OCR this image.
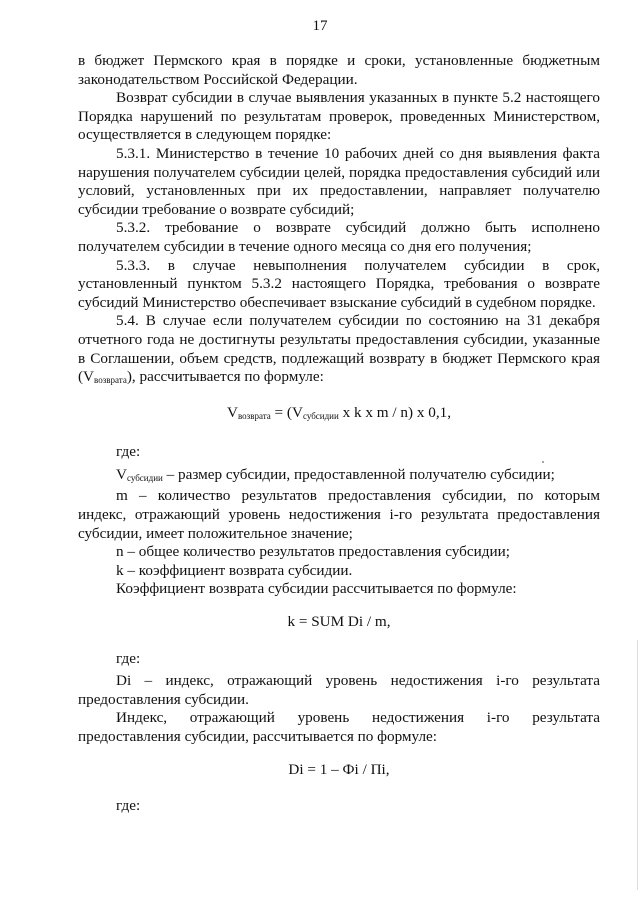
17

в бюджет Пермского края в порядке и сроки, установленные бюджетным законодательством Российской Федерации.

Возврат субсидии в случае выявления указанных в пункте 5.2 настоящего Порядка нарушений по результатам проверок, проведенных Министерством, осуществляется в следующем порядке:

5.3.1. Министерство в течение 10 рабочих дней со дня выявления факта нарушения получателем субсидии целей, порядка предоставления субсидий или условий, установленных при их предоставлении, направляет получателю субсидии требование о возврате субсидий;

5.3.2. требование о возврате субсидий должно быть исполнено получателем субсидии в течение одного месяца со дня его получения;

5.3.3. в случае невыполнения получателем субсидии в срок, установленный пунктом 5.3.2 настоящего Порядка, требования о возврате субсидий Министерство обеспечивает взыскание субсидий в судебном порядке.

5.4. В случае если получателем субсидии по состоянию на 31 декабря отчетного года не достигнуты результаты предоставления субсидии, указанные в Соглашении, объем средств, подлежащий возврату в бюджет Пермского края (Vвозврата), рассчитывается по формуле:

$V_{возврата} = (V_{субсидии}$ x k x m / n) x 0,1,

где:

Vсубсидии – размер субсидии, предоставленной получателю субсидии;

m – количество результатов предоставления субсидии, по которым индекс, отражающий уровень недостижения i-го результата предоставления субсидии, имеет положительное значение;

n – общее количество результатов предоставления субсидии;

k – коэффициент возврата субсидии.

Коэффициент возврата субсидии рассчитывается по формуле:

k = SUM Di / m,

где:

Di – индекс, отражающий уровень недостижения i-го результата предоставления субсидии.

Индекс, отражающий уровень недостижения i-го результата предоставления субсидии, рассчитывается по формуле:

Di = 1 – Фi / Пi,

где:
